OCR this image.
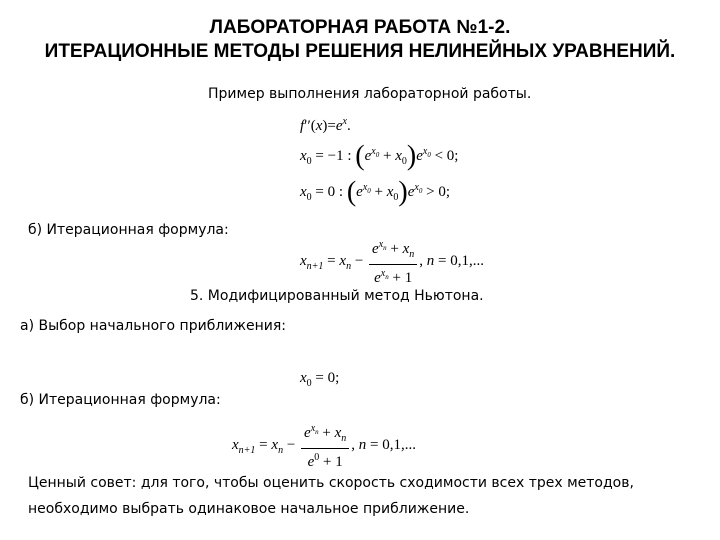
ЛАБОРАТОРНАЯ РАБОТА №1-2.
ИТЕРАЦИОННЫЕ МЕТОДЫ РЕШЕНИЯ НЕЛИНЕЙНЫХ УРАВНЕНИЙ.
Пример выполнения лабораторной работы.
$f''(x)=e^x$.
$x_0 = -1$ : $(e^{x_0} + x_0)e^{x_0} < 0$;
$x_0 = 0$ : $(e^{x_0} + x_0)e^{x_0} > 0$;
б) Итерационная формула:
$x_{n+1} = x_n - \frac{e^{x_n} + x_n}{e^{x_n} + 1}$ , n = 0,1,...
5. Модифицированный метод Ньютона.
а) Выбор начального приближения:
$x_0 = 0$;
б) Итерационная формула:
$x_{n+1} = x_n - \frac{e^{x_n} + x_n}{e^0 + 1}$ , n = 0,1,...
Ценный совет: для того, чтобы оценить скорость сходимости всех трех методов,
необходимо выбрать одинаковое начальное приближение.
